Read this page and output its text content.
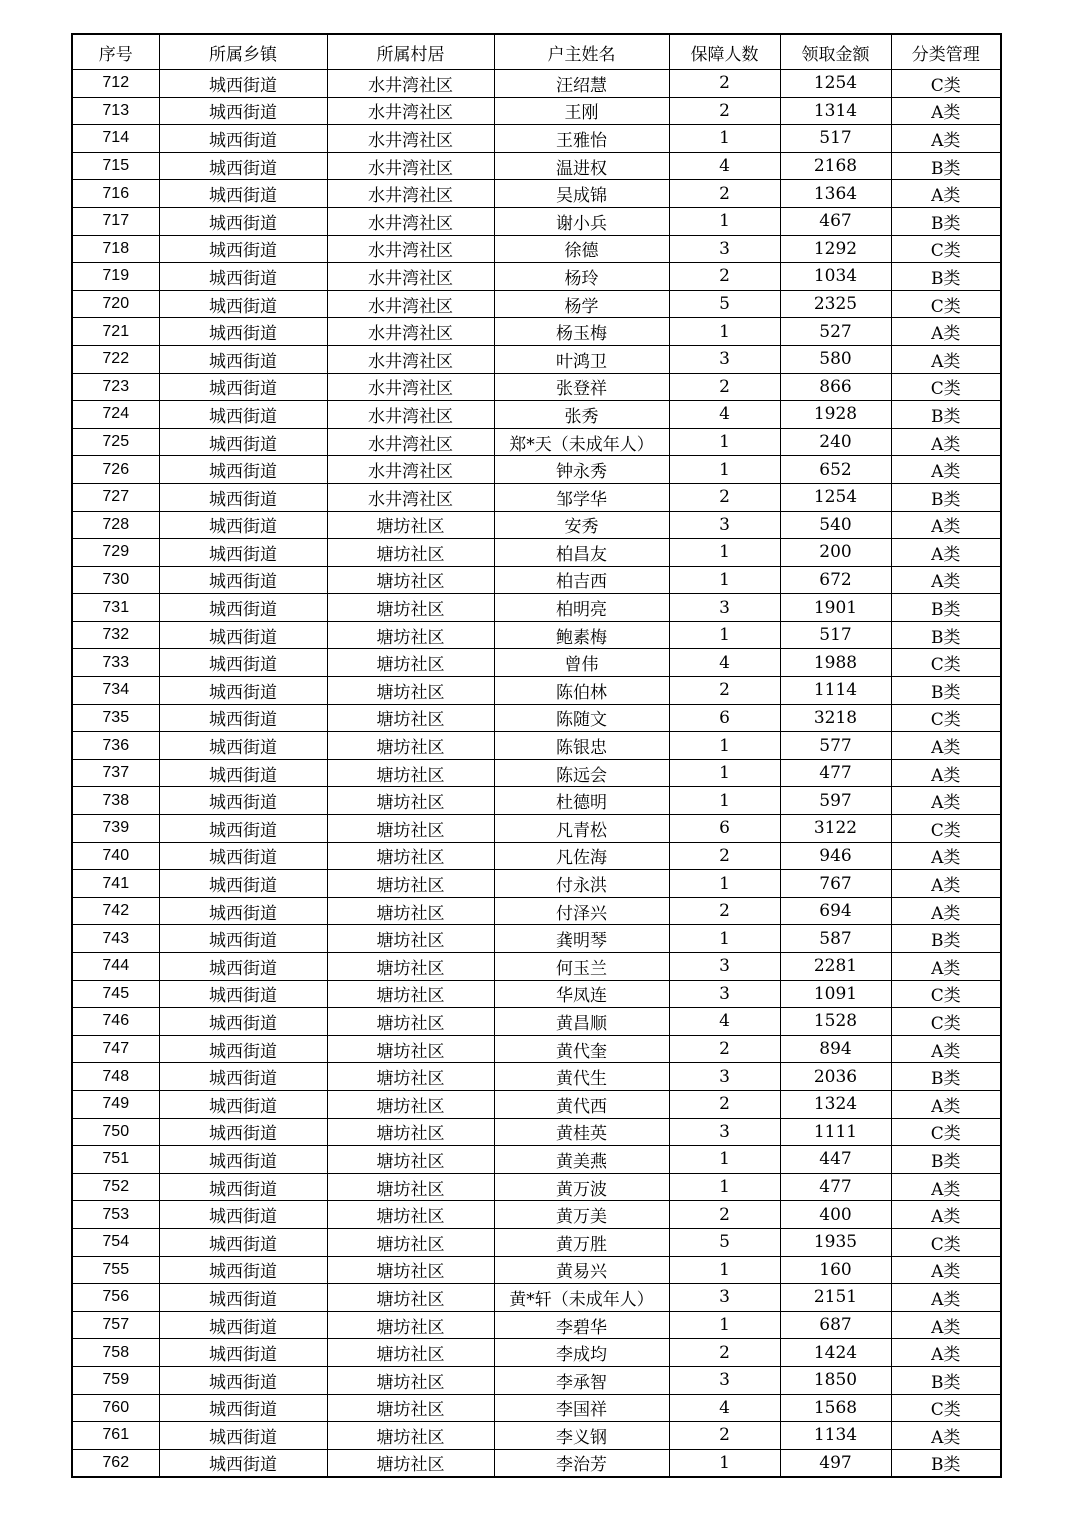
序号	所属乡镇	所属村居	户主姓名	保障人数	领取金额	分类管理
712	城西街道	水井湾社区	汪绍慧	2	1254	C类
713	城西街道	水井湾社区	王刚	2	1314	A类
714	城西街道	水井湾社区	王雅怡	1	517	A类
715	城西街道	水井湾社区	温进权	4	2168	B类
716	城西街道	水井湾社区	吴成锦	2	1364	A类
717	城西街道	水井湾社区	谢小兵	1	467	B类
718	城西街道	水井湾社区	徐德	3	1292	C类
719	城西街道	水井湾社区	杨玲	2	1034	B类
720	城西街道	水井湾社区	杨学	5	2325	C类
721	城西街道	水井湾社区	杨玉梅	1	527	A类
722	城西街道	水井湾社区	叶鸿卫	3	580	A类
723	城西街道	水井湾社区	张登祥	2	866	C类
724	城西街道	水井湾社区	张秀	4	1928	B类
725	城西街道	水井湾社区	郑*天（未成年人）	1	240	A类
726	城西街道	水井湾社区	钟永秀	1	652	A类
727	城西街道	水井湾社区	邹学华	2	1254	B类
728	城西街道	塘坊社区	安秀	3	540	A类
729	城西街道	塘坊社区	柏昌友	1	200	A类
730	城西街道	塘坊社区	柏吉西	1	672	A类
731	城西街道	塘坊社区	柏明亮	3	1901	B类
732	城西街道	塘坊社区	鲍素梅	1	517	B类
733	城西街道	塘坊社区	曾伟	4	1988	C类
734	城西街道	塘坊社区	陈伯林	2	1114	B类
735	城西街道	塘坊社区	陈随文	6	3218	C类
736	城西街道	塘坊社区	陈银忠	1	577	A类
737	城西街道	塘坊社区	陈远会	1	477	A类
738	城西街道	塘坊社区	杜德明	1	597	A类
739	城西街道	塘坊社区	凡青松	6	3122	C类
740	城西街道	塘坊社区	凡佐海	2	946	A类
741	城西街道	塘坊社区	付永洪	1	767	A类
742	城西街道	塘坊社区	付泽兴	2	694	A类
743	城西街道	塘坊社区	龚明琴	1	587	B类
744	城西街道	塘坊社区	何玉兰	3	2281	A类
745	城西街道	塘坊社区	华凤连	3	1091	C类
746	城西街道	塘坊社区	黄昌顺	4	1528	C类
747	城西街道	塘坊社区	黄代奎	2	894	A类
748	城西街道	塘坊社区	黄代生	3	2036	B类
749	城西街道	塘坊社区	黄代西	2	1324	A类
750	城西街道	塘坊社区	黄桂英	3	1111	C类
751	城西街道	塘坊社区	黄美燕	1	447	B类
752	城西街道	塘坊社区	黄万波	1	477	A类
753	城西街道	塘坊社区	黄万美	2	400	A类
754	城西街道	塘坊社区	黄万胜	5	1935	C类
755	城西街道	塘坊社区	黄易兴	1	160	A类
756	城西街道	塘坊社区	黄*轩（未成年人）	3	2151	A类
757	城西街道	塘坊社区	李碧华	1	687	A类
758	城西街道	塘坊社区	李成均	2	1424	A类
759	城西街道	塘坊社区	李承智	3	1850	B类
760	城西街道	塘坊社区	李国祥	4	1568	C类
761	城西街道	塘坊社区	李义钢	2	1134	A类
762	城西街道	塘坊社区	李治芳	1	497	B类
